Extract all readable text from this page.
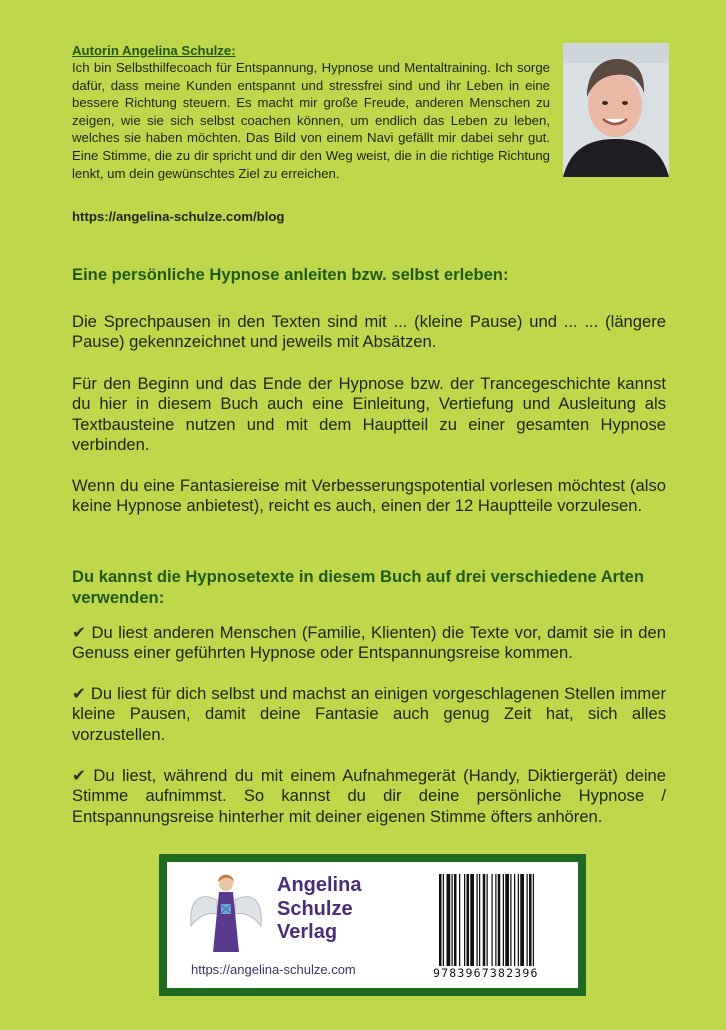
Autorin Angelina Schulze:

Ich bin Selbsthilfecoach für Entspannung, Hypnose und Mentaltraining. Ich sorge dafür, dass meine Kunden entspannt und stressfrei sind und ihr Leben in eine bessere Richtung steuern. Es macht mir große Freude, anderen Menschen zu zeigen, wie sie sich selbst coachen können, um endlich das Leben zu leben, welches sie haben möchten. Das Bild von einem Navi gefällt mir dabei sehr gut. Eine Stimme, die zu dir spricht und dir den Weg weist, die in die richtige Richtung lenkt, um dein gewünschtes Ziel zu erreichen.

https://angelina-schulze.com/blog
Eine persönliche Hypnose anleiten bzw. selbst erleben:

Die Sprechpausen in den Texten sind mit ... (kleine Pause) und ... ... (längere Pause) gekennzeichnet und jeweils mit Absätzen.

Für den Beginn und das Ende der Hypnose bzw. der Trancegeschichte kannst du hier in diesem Buch auch eine Einleitung, Vertiefung und Ausleitung als Textbausteine nutzen und mit dem Hauptteil zu einer gesamten Hypnose verbinden.

Wenn du eine Fantasiereise mit Verbesserungspotential vorlesen möchtest (also keine Hypnose anbietest), reicht es auch, einen der 12 Hauptteile vorzulesen.

Du kannst die Hypnosetexte in diesem Buch auf drei verschiedene Arten verwenden:

✔ Du liest anderen Menschen (Familie, Klienten) die Texte vor, damit sie in den Genuss einer geführten Hypnose oder Entspannungsreise kommen.

✔ Du liest für dich selbst und machst an einigen vorgeschlagenen Stellen immer kleine Pausen, damit deine Fantasie auch genug Zeit hat, sich alles vorzustellen.

✔ Du liest, während du mit einem Aufnahmegerät (Handy, Diktiergerät) deine Stimme aufnimmst. So kannst du dir deine persönliche Hypnose / Entspannungsreise hinterher mit deiner eigenen Stimme öfters anhören.

Angelina
Schulze
Verlag
https://angelina-schulze.com	9783967382396
